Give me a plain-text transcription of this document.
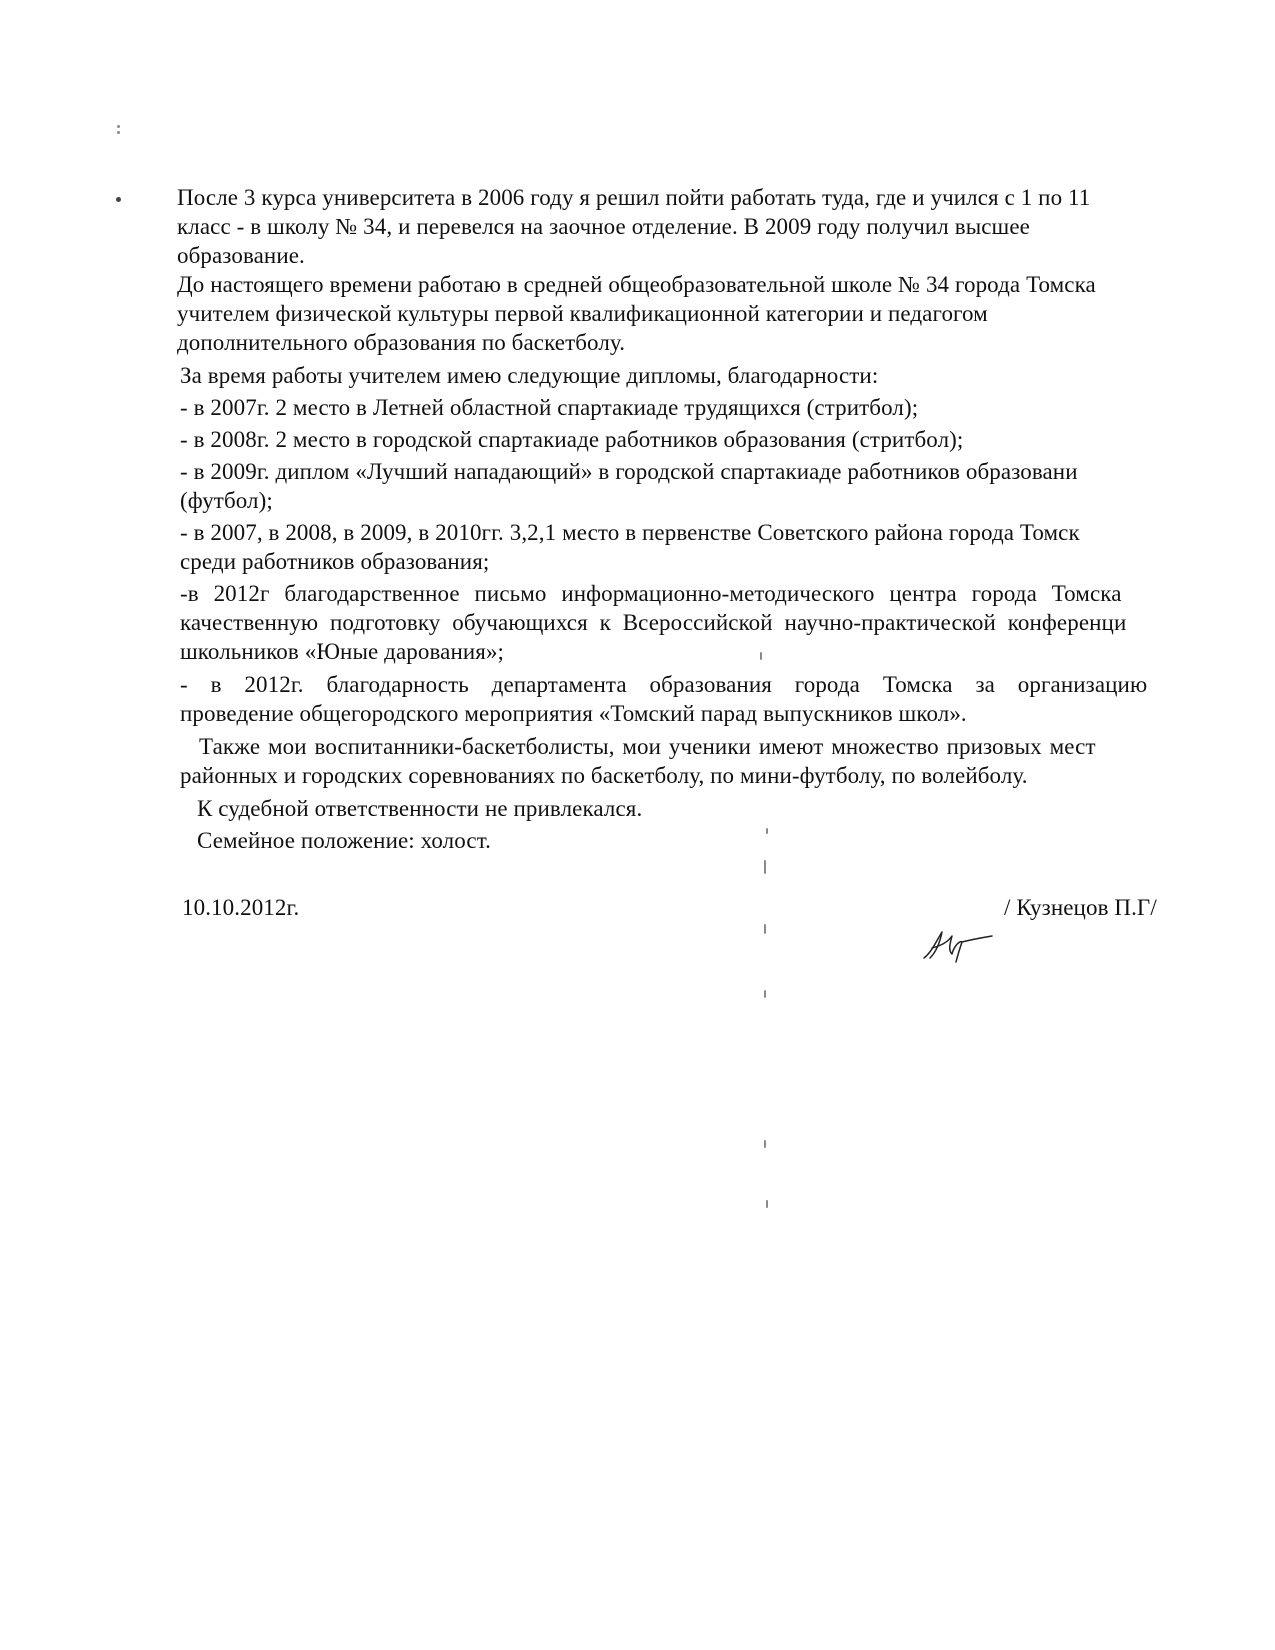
После 3 курса университета в 2006 году я решил пойти работать туда, где и учился с 1 по 11
класс - в школу № 34, и перевелся на заочное отделение. В 2009 году получил высшее
образование.
До настоящего времени работаю в средней общеобразовательной школе № 34 города Томска
учителем физической культуры первой квалификационной категории и педагогом
дополнительного образования по баскетболу.
За время работы учителем имею следующие дипломы, благодарности:
- в 2007г. 2 место в Летней областной спартакиаде трудящихся (стритбол);
- в 2008г. 2 место в городской спартакиаде работников образования (стритбол);
- в 2009г. диплом «Лучший нападающий» в городской спартакиаде работников образовани
(футбол);
- в 2007, в 2008, в 2009, в 2010гг. 3,2,1 место в первенстве Советского района города Томск
среди работников образования;
-в 2012г благодарственное письмо информационно-методического центра города Томска
качественную подготовку обучающихся к Всероссийской научно-практической конференци
школьников «Юные дарования»;
- в 2012г. благодарность департамента образования города Томска за организацию
проведение общегородского мероприятия «Томский парад выпускников школ».
Также мои воспитанники-баскетболисты, мои ученики имеют множество призовых мест
районных и городских соревнованиях по баскетболу, по мини-футболу, по волейболу.
К судебной ответственности не привлекался.
Семейное положение: холост.
10.10.2012г.	/ Кузнецов П.Г/
